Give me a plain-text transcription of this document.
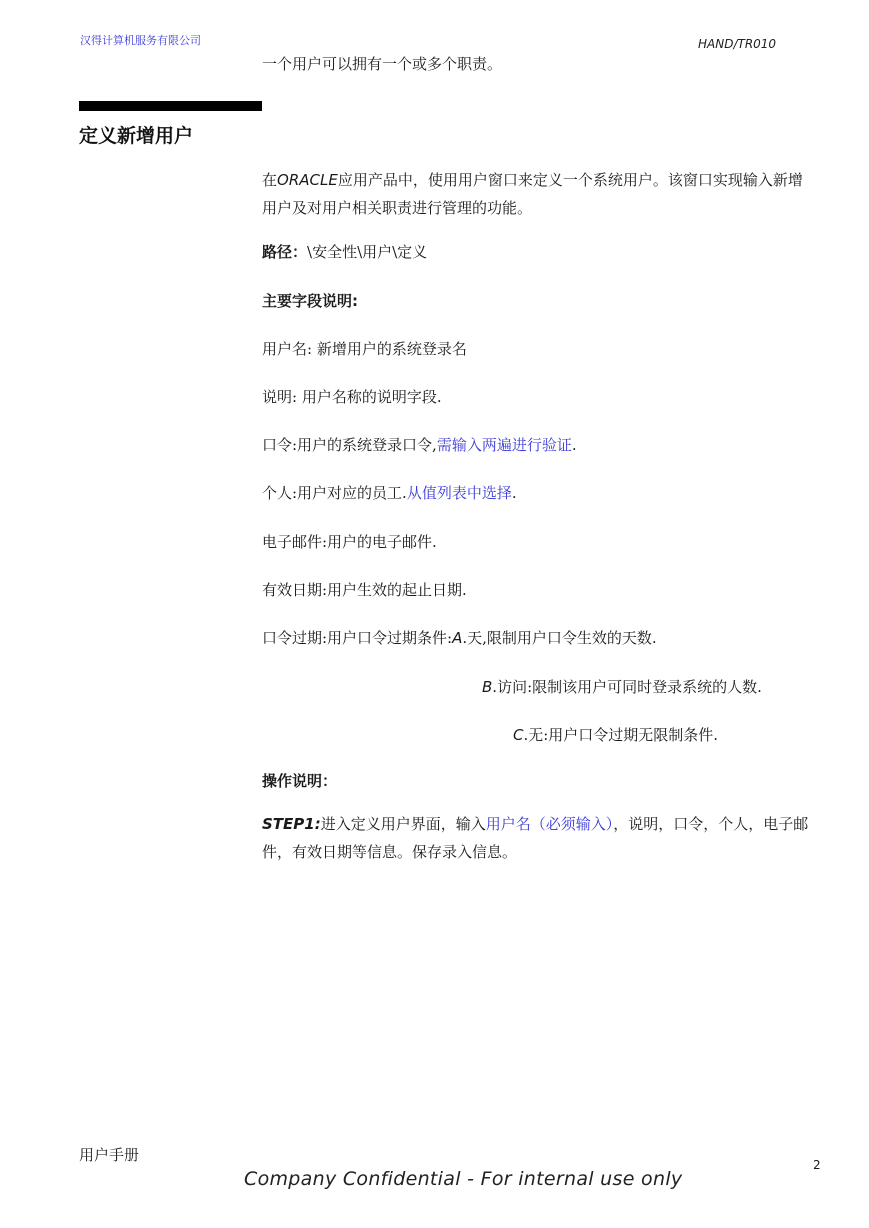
汉得计算机服务有限公司	HAND/TR010
一个用户可以拥有一个或多个职责。
定义新增用户
在ORACLE应用产品中，使用用户窗口来定义一个系统用户。该窗口实现输入新增用户及对用户相关职责进行管理的功能。
路径：\安全性\用户\定义
主要字段说明:
用户名: 新增用户的系统登录名
说明: 用户名称的说明字段.
口令:用户的系统登录口令,需输入两遍进行验证.
个人:用户对应的员工.从值列表中选择.
电子邮件:用户的电子邮件.
有效日期:用户生效的起止日期.
口令过期:用户口令过期条件:A.天,限制用户口令生效的天数.
B.访问:限制该用户可同时登录系统的人数.
C.无:用户口令过期无限制条件.
操作说明：
STEP1:进入定义用户界面，输入用户名（必须输入），说明，口令，个人，电子邮件，有效日期等信息。保存录入信息。
用户手册
2
Company Confidential - For internal use only
